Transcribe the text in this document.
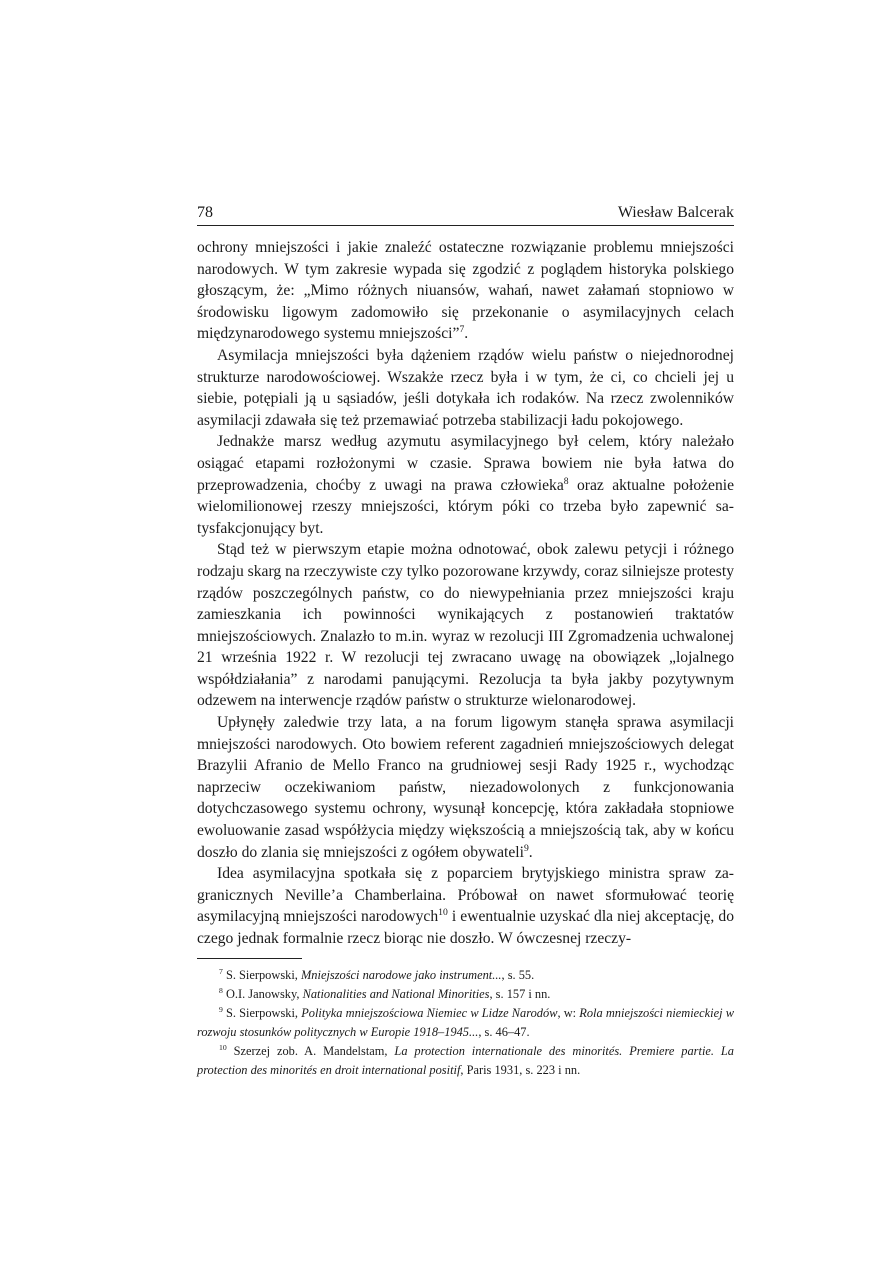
78	Wiesław Balcerak

ochrony mniejszości i jakie znaleźć ostateczne rozwiązanie problemu mniejszości narodowych. W tym zakresie wypada się zgodzić z poglądem historyka polskiego głoszącym, że: „Mimo różnych niuansów, wahań, nawet załamań stopniowo w środowisku ligowym zadomowiło się przekonanie o asymilacyjnych celach międzynarodowego systemu mniejszości”$^7$.

Asymilacja mniejszości była dążeniem rządów wielu państw o niejednorodnej strukturze narodowościowej. Wszakże rzecz była i w tym, że ci, co chcieli jej u siebie, potępiali ją u sąsiadów, jeśli dotykała ich rodaków. Na rzecz zwolenników asymilacji zdawała się też przemawiać potrzeba stabilizacji ładu pokojowego.

Jednakże marsz według azymutu asymilacyjnego był celem, który należało osiągać etapami rozłożonymi w czasie. Sprawa bowiem nie była łatwa do przeprowadzenia, choćby z uwagi na prawa człowieka$^8$ oraz aktualne położenie wielomilionowej rzeszy mniejszości, którym póki co trzeba było zapewnić satysfakcjonujący byt.

Stąd też w pierwszym etapie można odnotować, obok zalewu petycji i różnego rodzaju skarg na rzeczywiste czy tylko pozorowane krzywdy, coraz silniejsze protesty rządów poszczególnych państw, co do niewypełniania przez mniejszości kraju zamieszkania ich powinności wynikających z postanowień traktatów mniejszościowych. Znalazło to m.in. wyraz w rezolucji III Zgromadzenia uchwalonej 21 września 1922 r. W rezolucji tej zwracano uwagę na obowiązek „lojalnego współdziałania” z narodami panującymi. Rezolucja ta była jakby pozytywnym odzewem na interwencje rządów państw o strukturze wielonarodowej.

Upłynęły zaledwie trzy lata, a na forum ligowym stanęła sprawa asymilacji mniejszości narodowych. Oto bowiem referent zagadnień mniejszościowych delegat Brazylii Afranio de Mello Franco na grudniowej sesji Rady 1925 r., wychodząc naprzeciw oczekiwaniom państw, niezadowolonych z funkcjonowania dotychczasowego systemu ochrony, wysunął koncepcję, która zakładała stopniowe ewoluowanie zasad współżycia między większością a mniejszością tak, aby w końcu doszło do zlania się mniejszości z ogółem obywateli$^9$.

Idea asymilacyjna spotkała się z poparciem brytyjskiego ministra spraw zagranicznych Neville’a Chamberlaina. Próbował on nawet sformułować teorię asymilacyjną mniejszości narodowych$^{10}$ i ewentualnie uzyskać dla niej akceptację, do czego jednak formalnie rzecz biorąc nie doszło. W ówczesnej rzeczy-

$^7$ S. Sierpowski, Mniejszości narodowe jako instrument..., s. 55.

$^8$ O.I. Janowsky, Nationalities and National Minorities, s. 157 i nn.

$^9$ S. Sierpowski, Polityka mniejszościowa Niemiec w Lidze Narodów, w: Rola mniejszości niemieckiej w rozwoju stosunków politycznych w Europie 1918–1945..., s. 46–47.

$^{10}$ Szerzej zob. A. Mandelstam, La protection internationale des minorités. Premiere partie. La protection des minorités en droit international positif, Paris 1931, s. 223 i nn.
